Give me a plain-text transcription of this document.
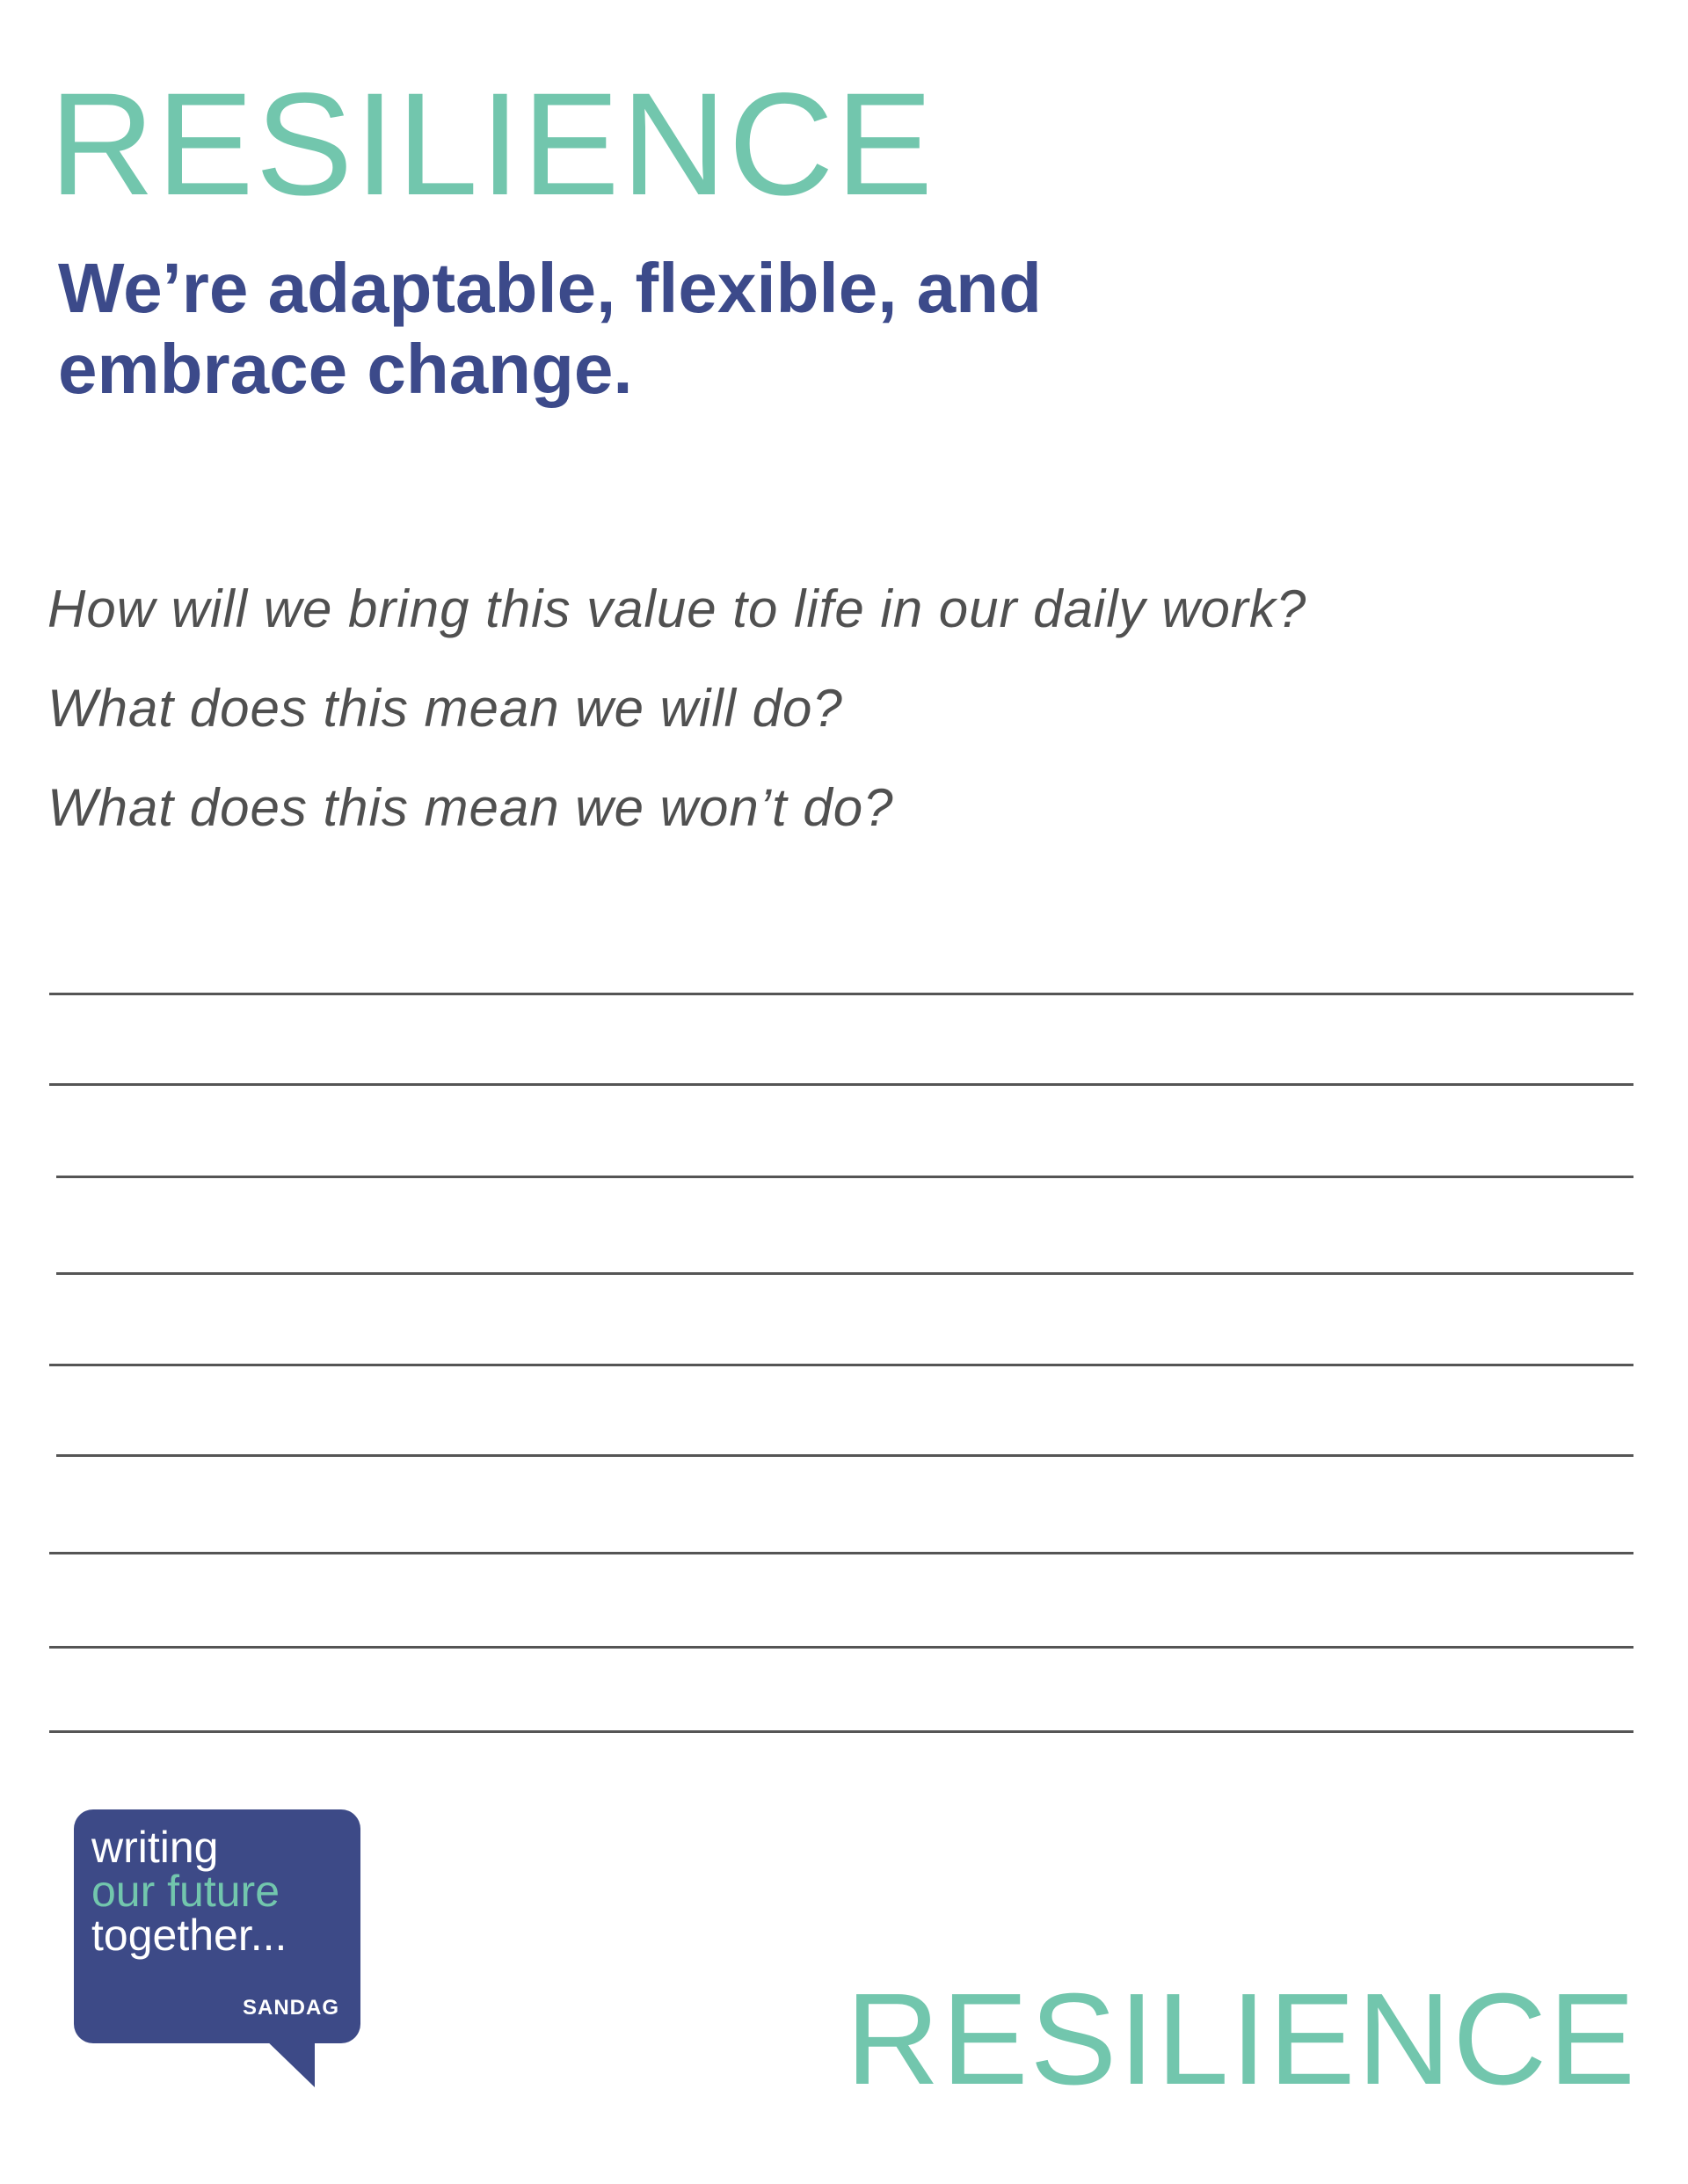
RESILIENCE
We’re adaptable, flexible, and
embrace change.
How will we bring this value to life in our daily work?
What does this mean we will do?
What does this mean we won’t do?
writing
our future
together...
SANDAG	RESILIENCE
